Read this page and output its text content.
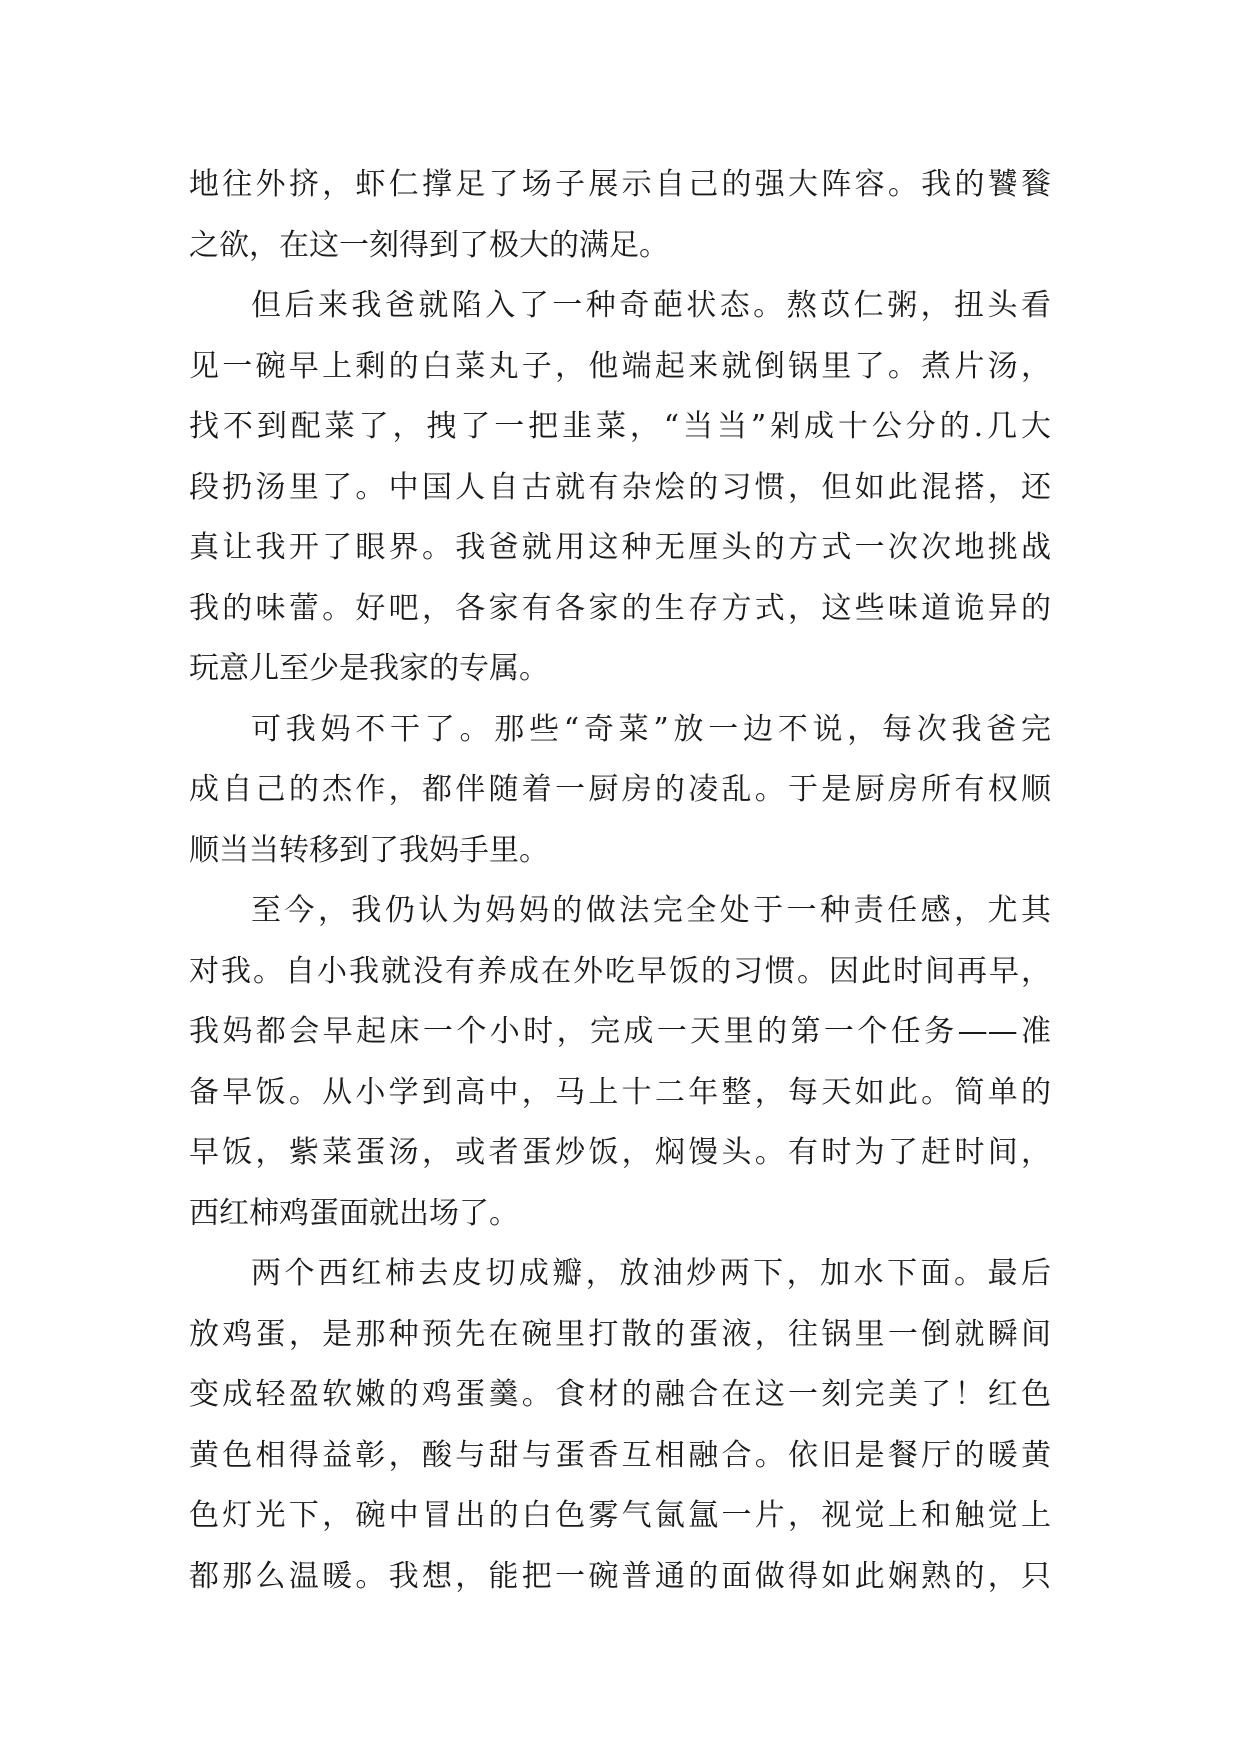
地往外挤，虾仁撑足了场子展示自己的强大阵容。我的饕餮
之欲，在这一刻得到了极大的满足。
但后来我爸就陷入了一种奇葩状态。熬苡仁粥，扭头看
见一碗早上剩的白菜丸子，他端起来就倒锅里了。煮片汤，
找不到配菜了，拽了一把韭菜，“当当”剁成十公分的.几大
段扔汤里了。中国人自古就有杂烩的习惯，但如此混搭，还
真让我开了眼界。我爸就用这种无厘头的方式一次次地挑战
我的味蕾。好吧，各家有各家的生存方式，这些味道诡异的
玩意儿至少是我家的专属。
可我妈不干了。那些“奇菜”放一边不说，每次我爸完
成自己的杰作，都伴随着一厨房的凌乱。于是厨房所有权顺
顺当当转移到了我妈手里。
至今，我仍认为妈妈的做法完全处于一种责任感，尤其
对我。自小我就没有养成在外吃早饭的习惯。因此时间再早，
我妈都会早起床一个小时，完成一天里的第一个任务——准
备早饭。从小学到高中，马上十二年整，每天如此。简单的
早饭，紫菜蛋汤，或者蛋炒饭，焖馒头。有时为了赶时间，
西红柿鸡蛋面就出场了。
两个西红柿去皮切成瓣，放油炒两下，加水下面。最后
放鸡蛋，是那种预先在碗里打散的蛋液，往锅里一倒就瞬间
变成轻盈软嫩的鸡蛋羹。食材的融合在这一刻完美了！红色
黄色相得益彰，酸与甜与蛋香互相融合。依旧是餐厅的暖黄
色灯光下，碗中冒出的白色雾气氤氲一片，视觉上和触觉上
都那么温暖。我想，能把一碗普通的面做得如此娴熟的，只
